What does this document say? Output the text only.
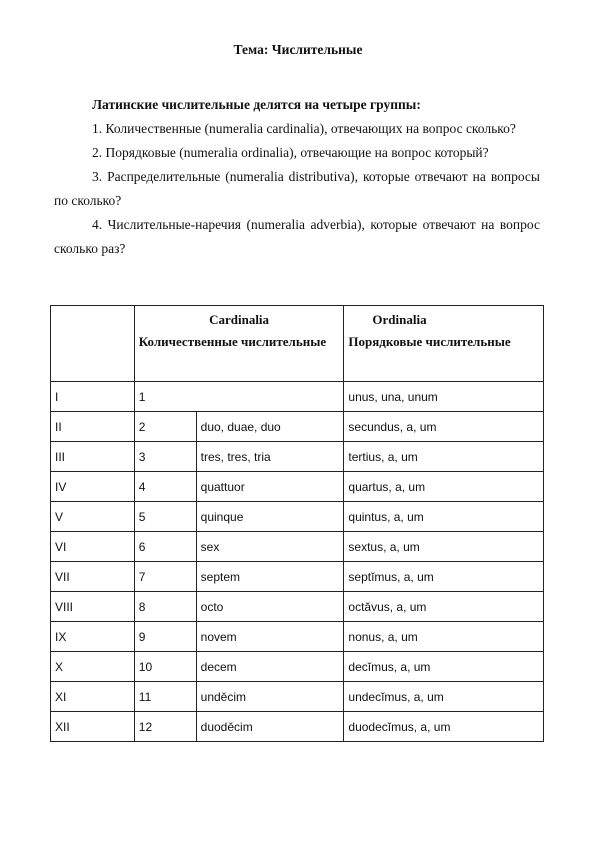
Тема: Числительные

Латинские числительные делятся на четыре группы:

1. Количественные (numeralia cardinalia), отвечающих на вопрос сколько?

2. Порядковые (numeralia ordinalia), отвечающие на вопрос который?

3. Распределительные (numeralia distributiva), которые отвечают на вопросы по сколько?

4. Числительные-наречия (numeralia adverbia), которые отвечают на вопрос сколько раз?

	Cardinalia
Количественные числительные		Ordinalia
Порядковые числительные

I	1		unus, una, unum
II	2	duo, duae, duo	secundus, a, um
III	3	tres, tres, tria	tertius, a, um
IV	4	quattuor	quartus, a, um
V	5	quinque	quintus, a, um
VI	6	sex	sextus, a, um
VII	7	septem	septĭmus, a, um
VIII	8	octo	octăvus, a, um
IX	9	novem	nonus, a, um
X	10	decem	decĭmus, a, um
XI	11	unděcim	undecĭmus, a, um
XII	12	duoděcim	duodecĭmus, a, um
